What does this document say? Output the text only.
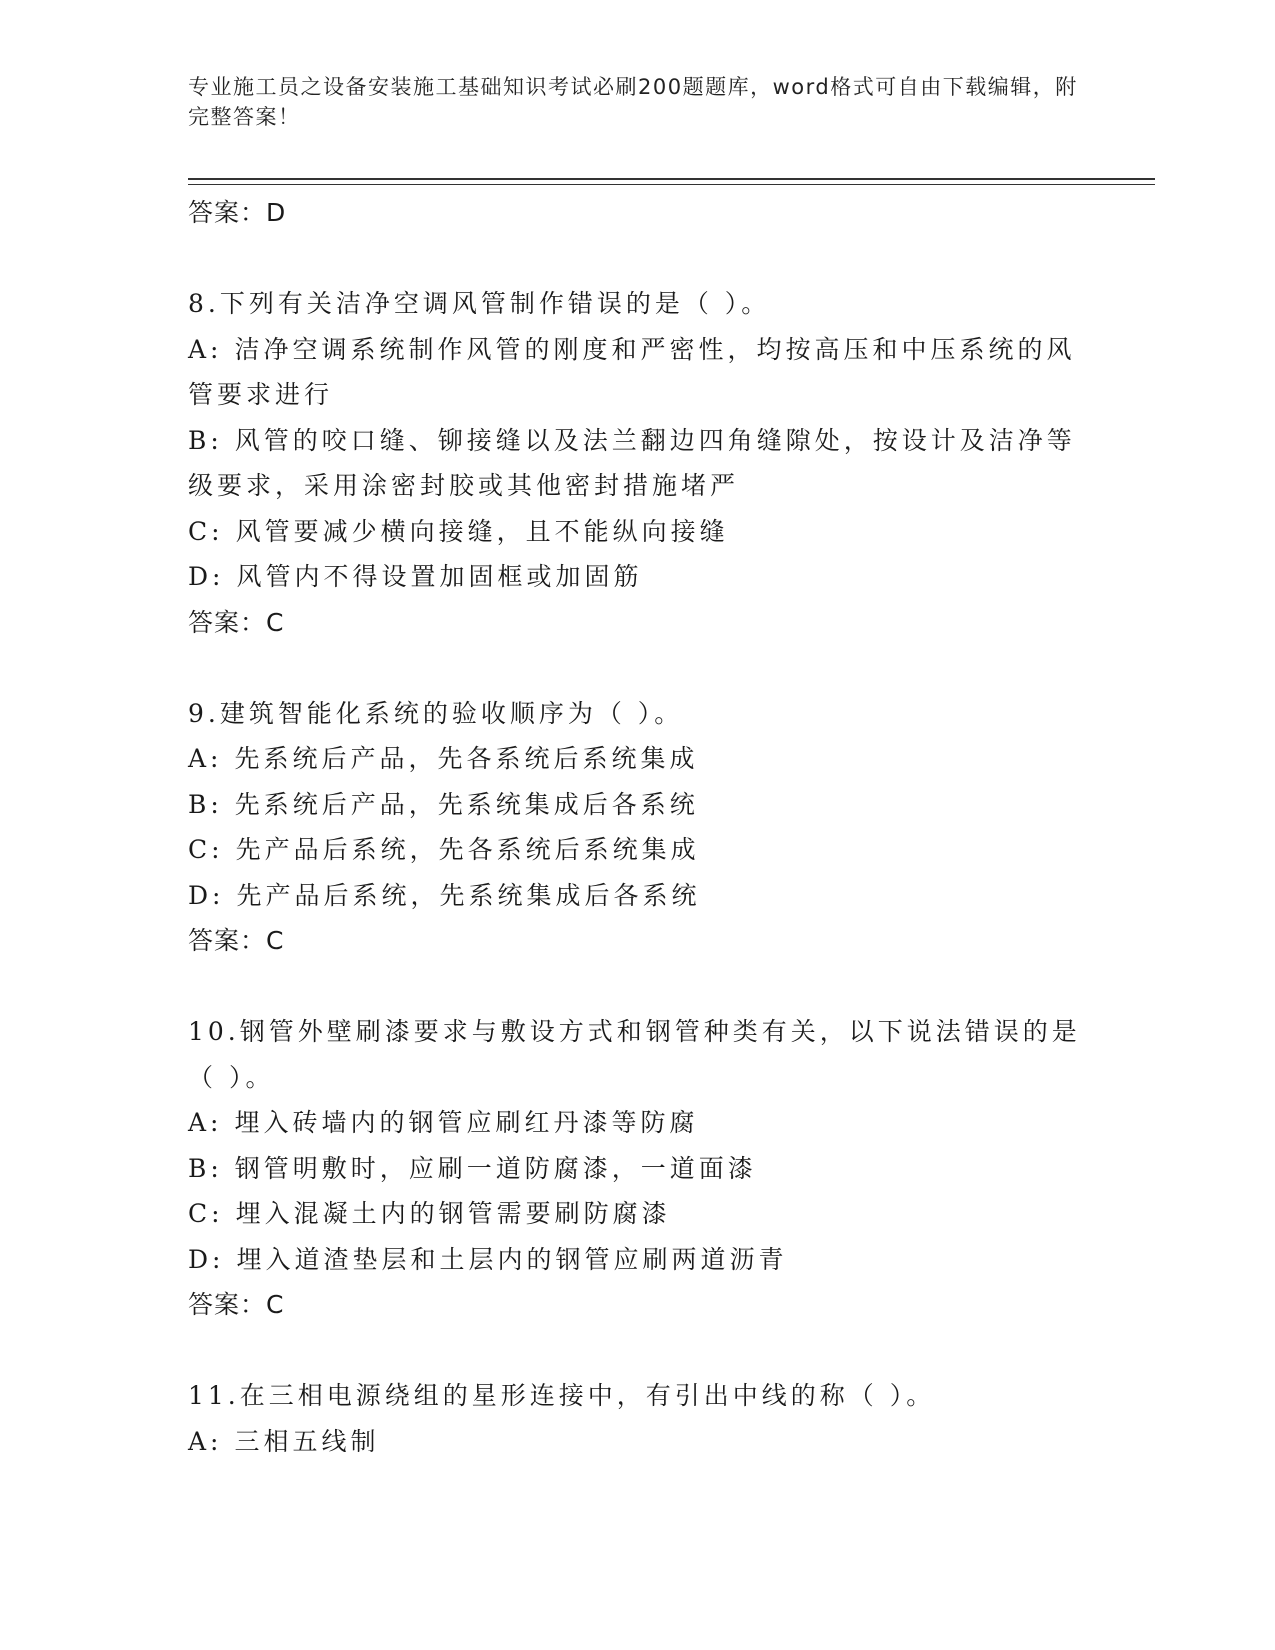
专业施工员之设备安装施工基础知识考试必刷200题题库，word格式可自由下载编辑，附完整答案！
答案：D
8.下列有关洁净空调风管制作错误的是（ ）。
A: 洁净空调系统制作风管的刚度和严密性，均按高压和中压系统的风管要求进行
B: 风管的咬口缝、铆接缝以及法兰翻边四角缝隙处，按设计及洁净等级要求，采用涂密封胶或其他密封措施堵严
C: 风管要减少横向接缝，且不能纵向接缝
D: 风管内不得设置加固框或加固筋
答案：C
9.建筑智能化系统的验收顺序为（ ）。
A: 先系统后产品，先各系统后系统集成
B: 先系统后产品，先系统集成后各系统
C: 先产品后系统，先各系统后系统集成
D: 先产品后系统，先系统集成后各系统
答案：C
10.钢管外壁刷漆要求与敷设方式和钢管种类有关，以下说法错误的是（ ）。
A: 埋入砖墙内的钢管应刷红丹漆等防腐
B: 钢管明敷时，应刷一道防腐漆，一道面漆
C: 埋入混凝土内的钢管需要刷防腐漆
D: 埋入道渣垫层和土层内的钢管应刷两道沥青
答案：C
11.在三相电源绕组的星形连接中，有引出中线的称（ ）。
A: 三相五线制
